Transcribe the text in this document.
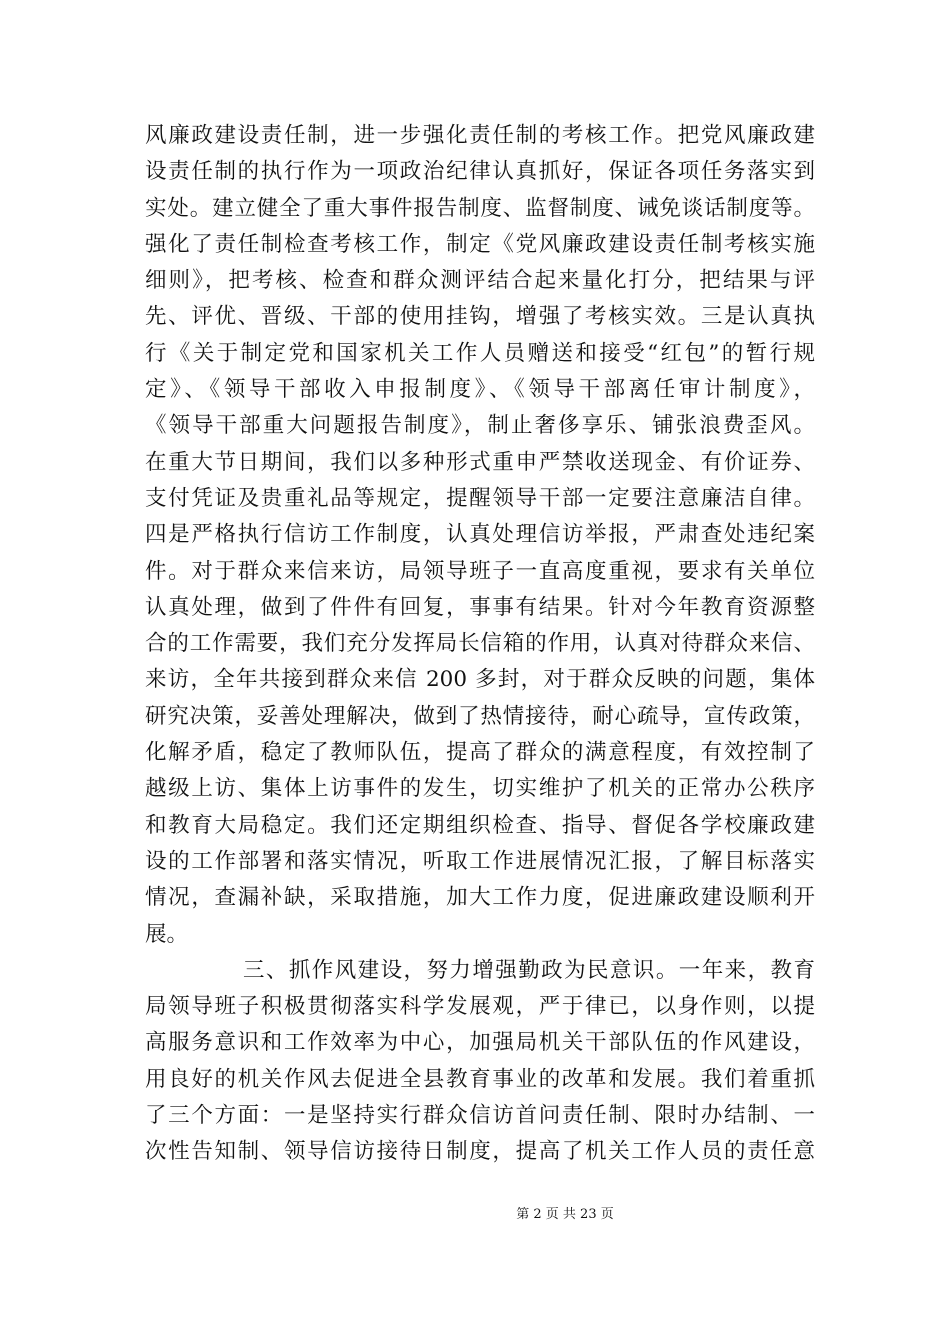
风廉政建设责任制，进一步强化责任制的考核工作。把党风廉政建
设责任制的执行作为一项政治纪律认真抓好，保证各项任务落实到
实处。建立健全了重大事件报告制度、监督制度、诫免谈话制度等。
强化了责任制检查考核工作，制定《党风廉政建设责任制考核实施
细则》，把考核、检查和群众测评结合起来量化打分，把结果与评
先、评优、晋级、干部的使用挂钩，增强了考核实效。三是认真执
行《关于制定党和国家机关工作人员赠送和接受“红包”的暂行规
定》、《领导干部收入申报制度》、《领导干部离任审计制度》，
《领导干部重大问题报告制度》，制止奢侈享乐、铺张浪费歪风。
在重大节日期间，我们以多种形式重申严禁收送现金、有价证券、
支付凭证及贵重礼品等规定，提醒领导干部一定要注意廉洁自律。
四是严格执行信访工作制度，认真处理信访举报，严肃查处违纪案
件。对于群众来信来访，局领导班子一直高度重视，要求有关单位
认真处理，做到了件件有回复，事事有结果。针对今年教育资源整
合的工作需要，我们充分发挥局长信箱的作用，认真对待群众来信、
来访，全年共接到群众来信 200 多封，对于群众反映的问题，集体
研究决策，妥善处理解决，做到了热情接待，耐心疏导，宣传政策，
化解矛盾，稳定了教师队伍，提高了群众的满意程度，有效控制了
越级上访、集体上访事件的发生，切实维护了机关的正常办公秩序
和教育大局稳定。我们还定期组织检查、指导、督促各学校廉政建
设的工作部署和落实情况，听取工作进展情况汇报，了解目标落实
情况，查漏补缺，采取措施，加大工作力度，促进廉政建设顺利开
展。
三、抓作风建设，努力增强勤政为民意识。一年来，教育
局领导班子积极贯彻落实科学发展观，严于律已，以身作则，以提
高服务意识和工作效率为中心，加强局机关干部队伍的作风建设，
用良好的机关作风去促进全县教育事业的改革和发展。我们着重抓
了三个方面：一是坚持实行群众信访首问责任制、限时办结制、一
次性告知制、领导信访接待日制度，提高了机关工作人员的责任意
第 2 页 共 23 页
